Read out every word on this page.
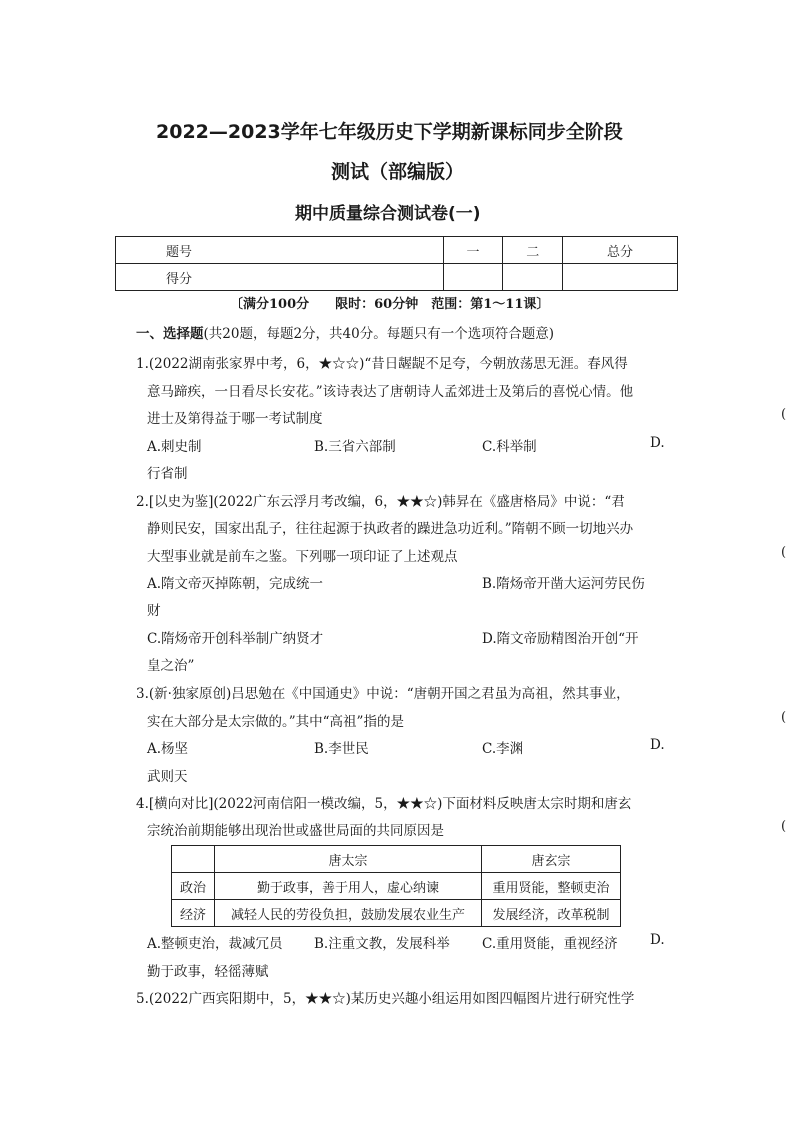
2022—2023学年七年级历史下学期新课标同步全阶段
测试（部编版）
期中质量综合测试卷(一)
题号	一	二	总分
得分			
〔满分100分　　限时：60分钟　范围：第1～11课〕
一、选择题(共20题，每题2分，共40分。每题只有一个选项符合题意)
1.(2022湖南张家界中考，6，★☆☆)“昔日龌龊不足夸，今朝放荡思无涯。春风得
意马蹄疾，一日看尽长安花。”该诗表达了唐朝诗人孟郊进士及第后的喜悦心情。他
进士及第得益于哪一考试制度	(
A.刺史制	B.三省六部制	C.科举制	D.
行省制
2.[以史为鉴](2022广东云浮月考改编，6，★★☆)韩昇在《盛唐格局》中说：“君
静则民安，国家出乱子，往往起源于执政者的躁进急功近利。”隋朝不顾一切地兴办
大型事业就是前车之鉴。下列哪一项印证了上述观点	(
A.隋文帝灭掉陈朝，完成统一	B.隋炀帝开凿大运河劳民伤
财
C.隋炀帝开创科举制广纳贤才	D.隋文帝励精图治开创“开
皇之治”
3.(新·独家原创)吕思勉在《中国通史》中说：“唐朝开国之君虽为高祖，然其事业，
实在大部分是太宗做的。”其中“高祖”指的是	(
A.杨坚	B.李世民	C.李渊	D.
武则天
4.[横向对比](2022河南信阳一模改编，5，★★☆)下面材料反映唐太宗时期和唐玄
宗统治前期能够出现治世或盛世局面的共同原因是	(
	唐太宗	唐玄宗
政治	勤于政事，善于用人，虚心纳谏	重用贤能，整顿吏治
经济	减轻人民的劳役负担，鼓励发展农业生产	发展经济，改革税制
A.整顿吏治，裁减冗员 B.注重文教，发展科举 C.重用贤能，重视经济 D.
勤于政事，轻徭薄赋
5.(2022广西宾阳期中，5，★★☆)某历史兴趣小组运用如图四幅图片进行研究性学
